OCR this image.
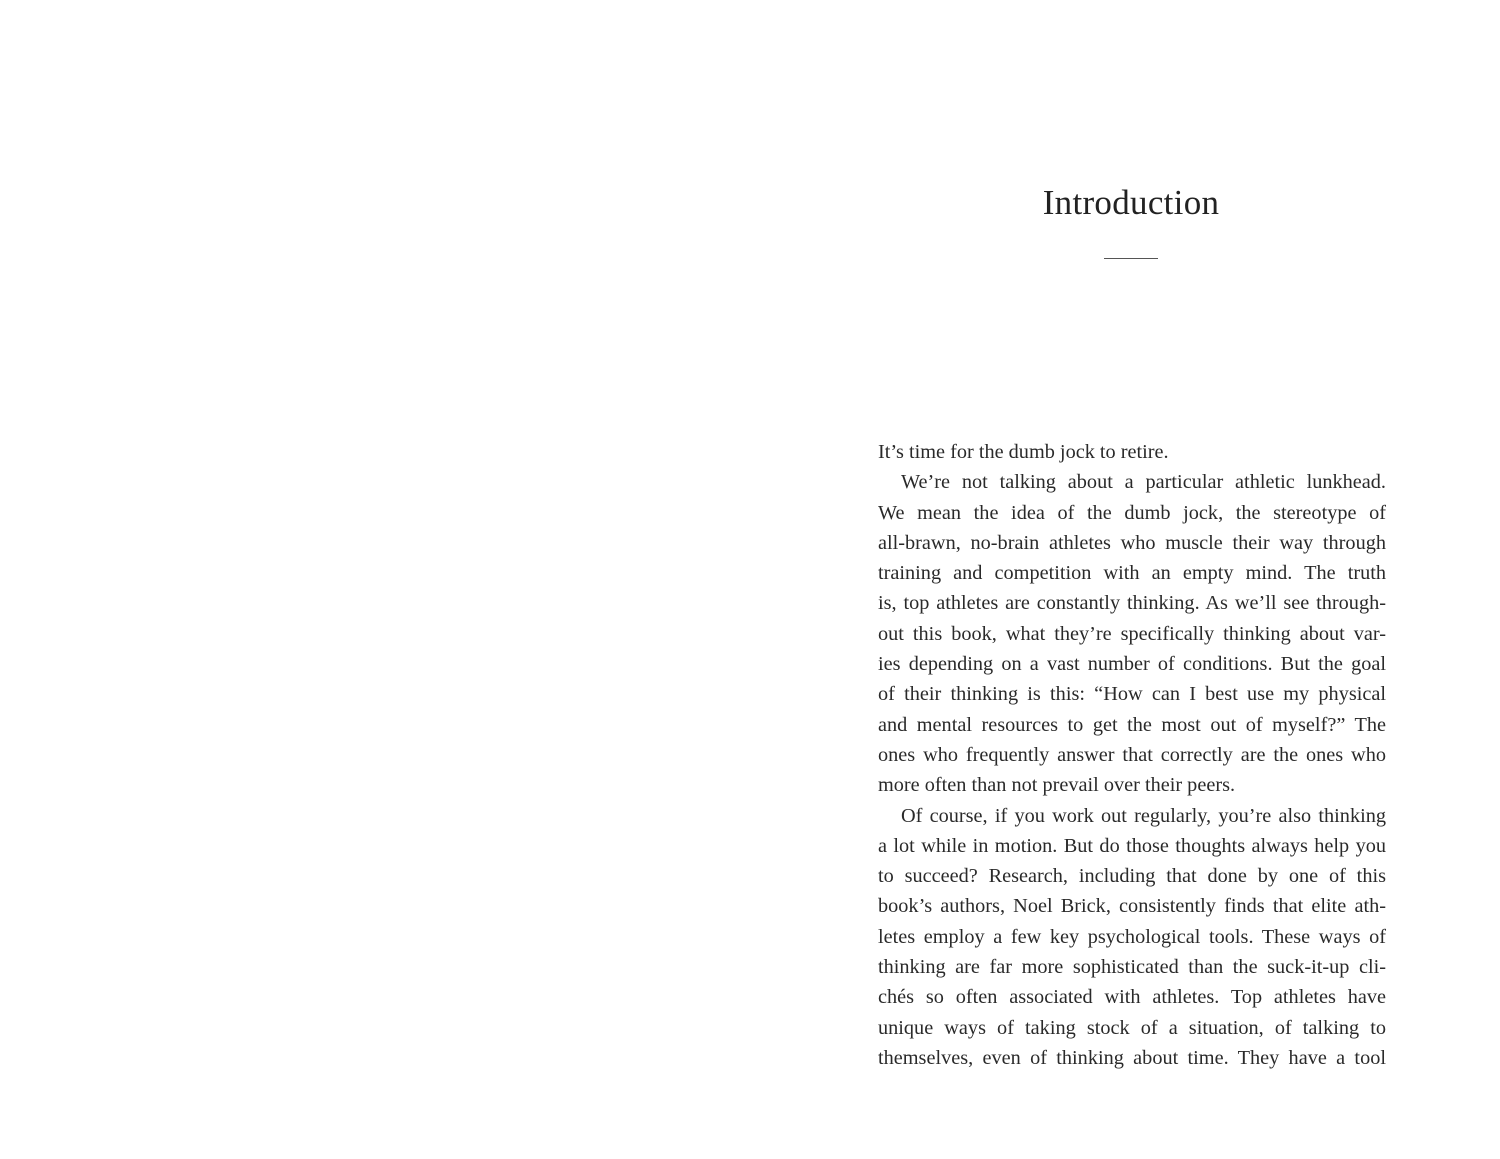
Introduction
It’s time for the dumb jock to retire.
We’re not talking about a particular athletic lunkhead.
We mean the idea of the dumb jock, the stereotype of
all-brawn, no-brain athletes who muscle their way through
training and competition with an empty mind. The truth
is, top athletes are constantly thinking. As we’ll see through-
out this book, what they’re specifically thinking about var-
ies depending on a vast number of conditions. But the goal
of their thinking is this: “How can I best use my physical
and mental resources to get the most out of myself?” The
ones who frequently answer that correctly are the ones who
more often than not prevail over their peers.
Of course, if you work out regularly, you’re also thinking
a lot while in motion. But do those thoughts always help you
to succeed? Research, including that done by one of this
book’s authors, Noel Brick, consistently finds that elite ath-
letes employ a few key psychological tools. These ways of
thinking are far more sophisticated than the suck-it-up cli-
chés so often associated with athletes. Top athletes have
unique ways of taking stock of a situation, of talking to
themselves, even of thinking about time. They have a tool
